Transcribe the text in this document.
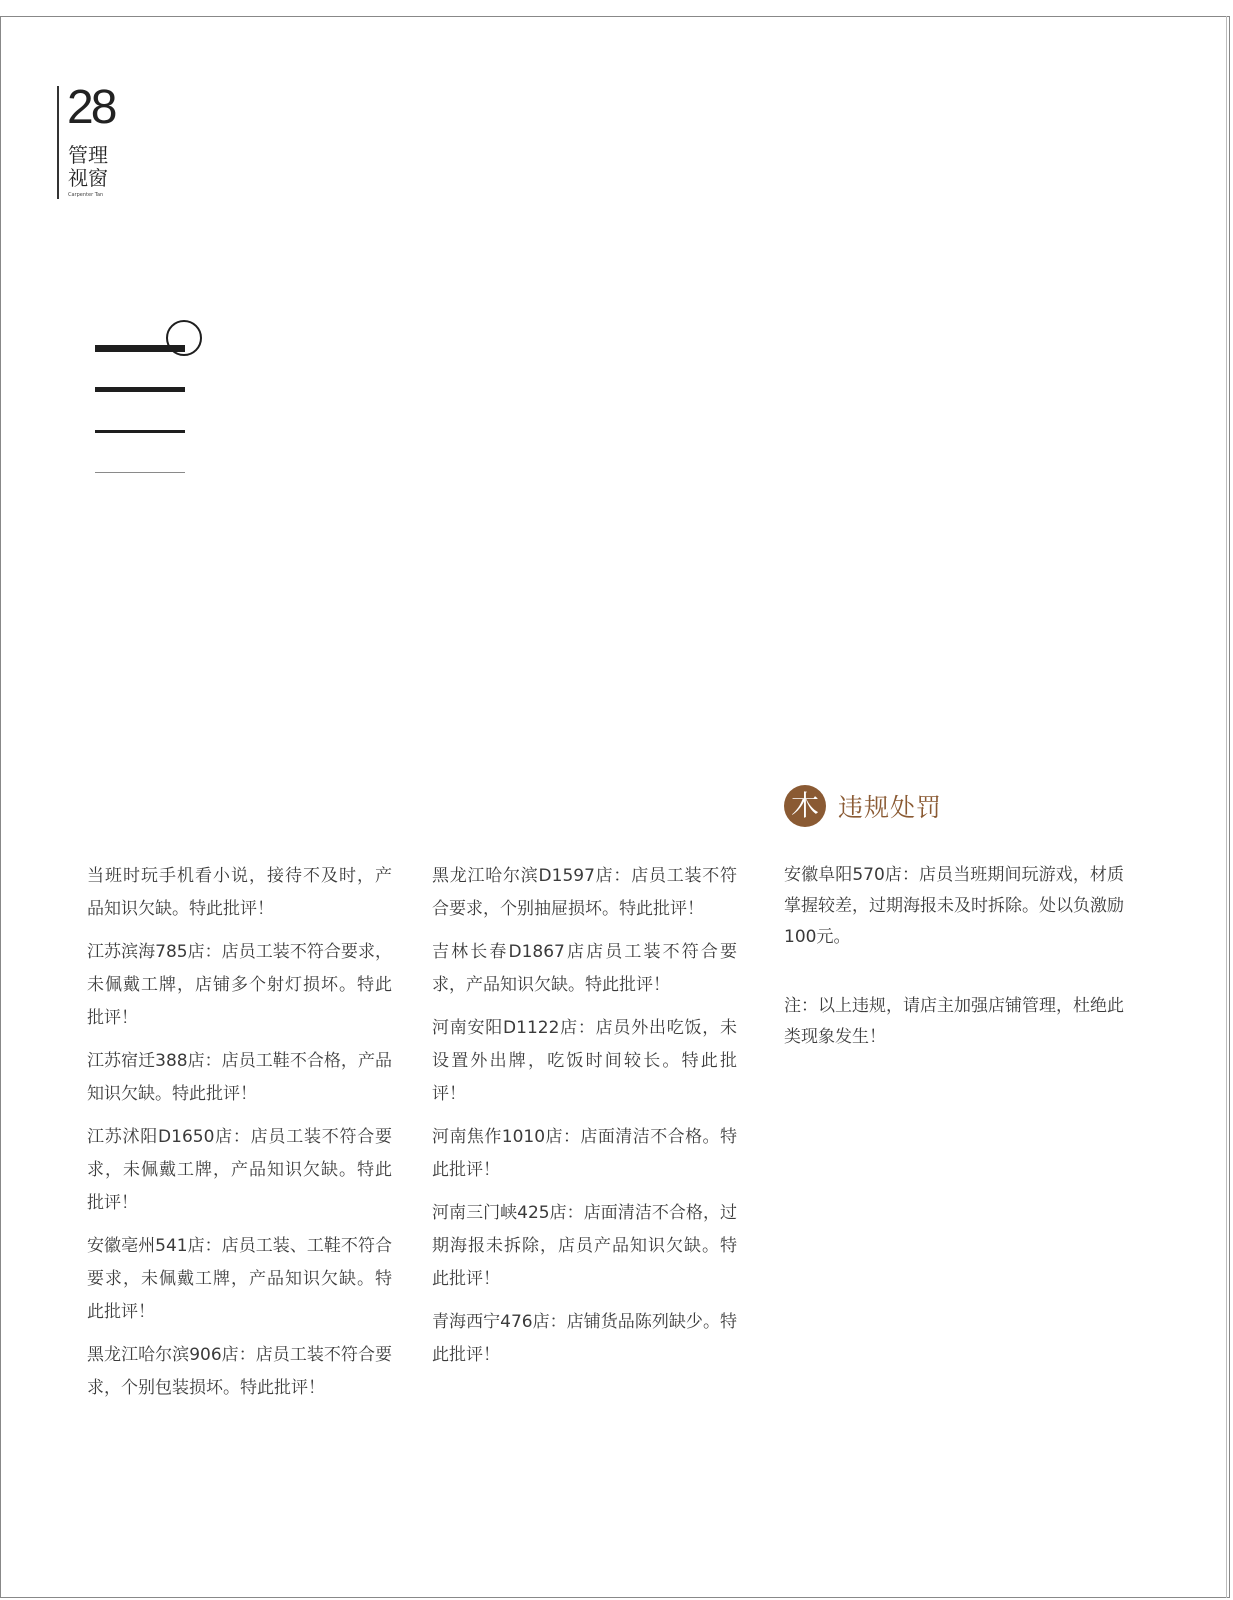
28
管理
视窗
Carpenter Tan
木 违规处罚

当班时玩手机看小说，接待不及时，产品知识欠缺。特此批评！

江苏滨海785店：店员工装不符合要求，未佩戴工牌，店铺多个射灯损坏。特此批评！

江苏宿迁388店：店员工鞋不合格，产品知识欠缺。特此批评！

江苏沭阳D1650店：店员工装不符合要求，未佩戴工牌，产品知识欠缺。特此批评！

安徽亳州541店：店员工装、工鞋不符合要求，未佩戴工牌，产品知识欠缺。特此批评！

黑龙江哈尔滨906店：店员工装不符合要求，个别包装损坏。特此批评！

黑龙江哈尔滨D1597店：店员工装不符合要求，个别抽屉损坏。特此批评！

吉林长春D1867店店员工装不符合要求，产品知识欠缺。特此批评！

河南安阳D1122店：店员外出吃饭，未设置外出牌，吃饭时间较长。特此批评！

河南焦作1010店：店面清洁不合格。特此批评！

河南三门峡425店：店面清洁不合格，过期海报未拆除，店员产品知识欠缺。特此批评！

青海西宁476店：店铺货品陈列缺少。特此批评！

安徽阜阳570店：店员当班期间玩游戏，材质掌握较差，过期海报未及时拆除。处以负激励100元。

注：以上违规，请店主加强店铺管理，杜绝此类现象发生！
